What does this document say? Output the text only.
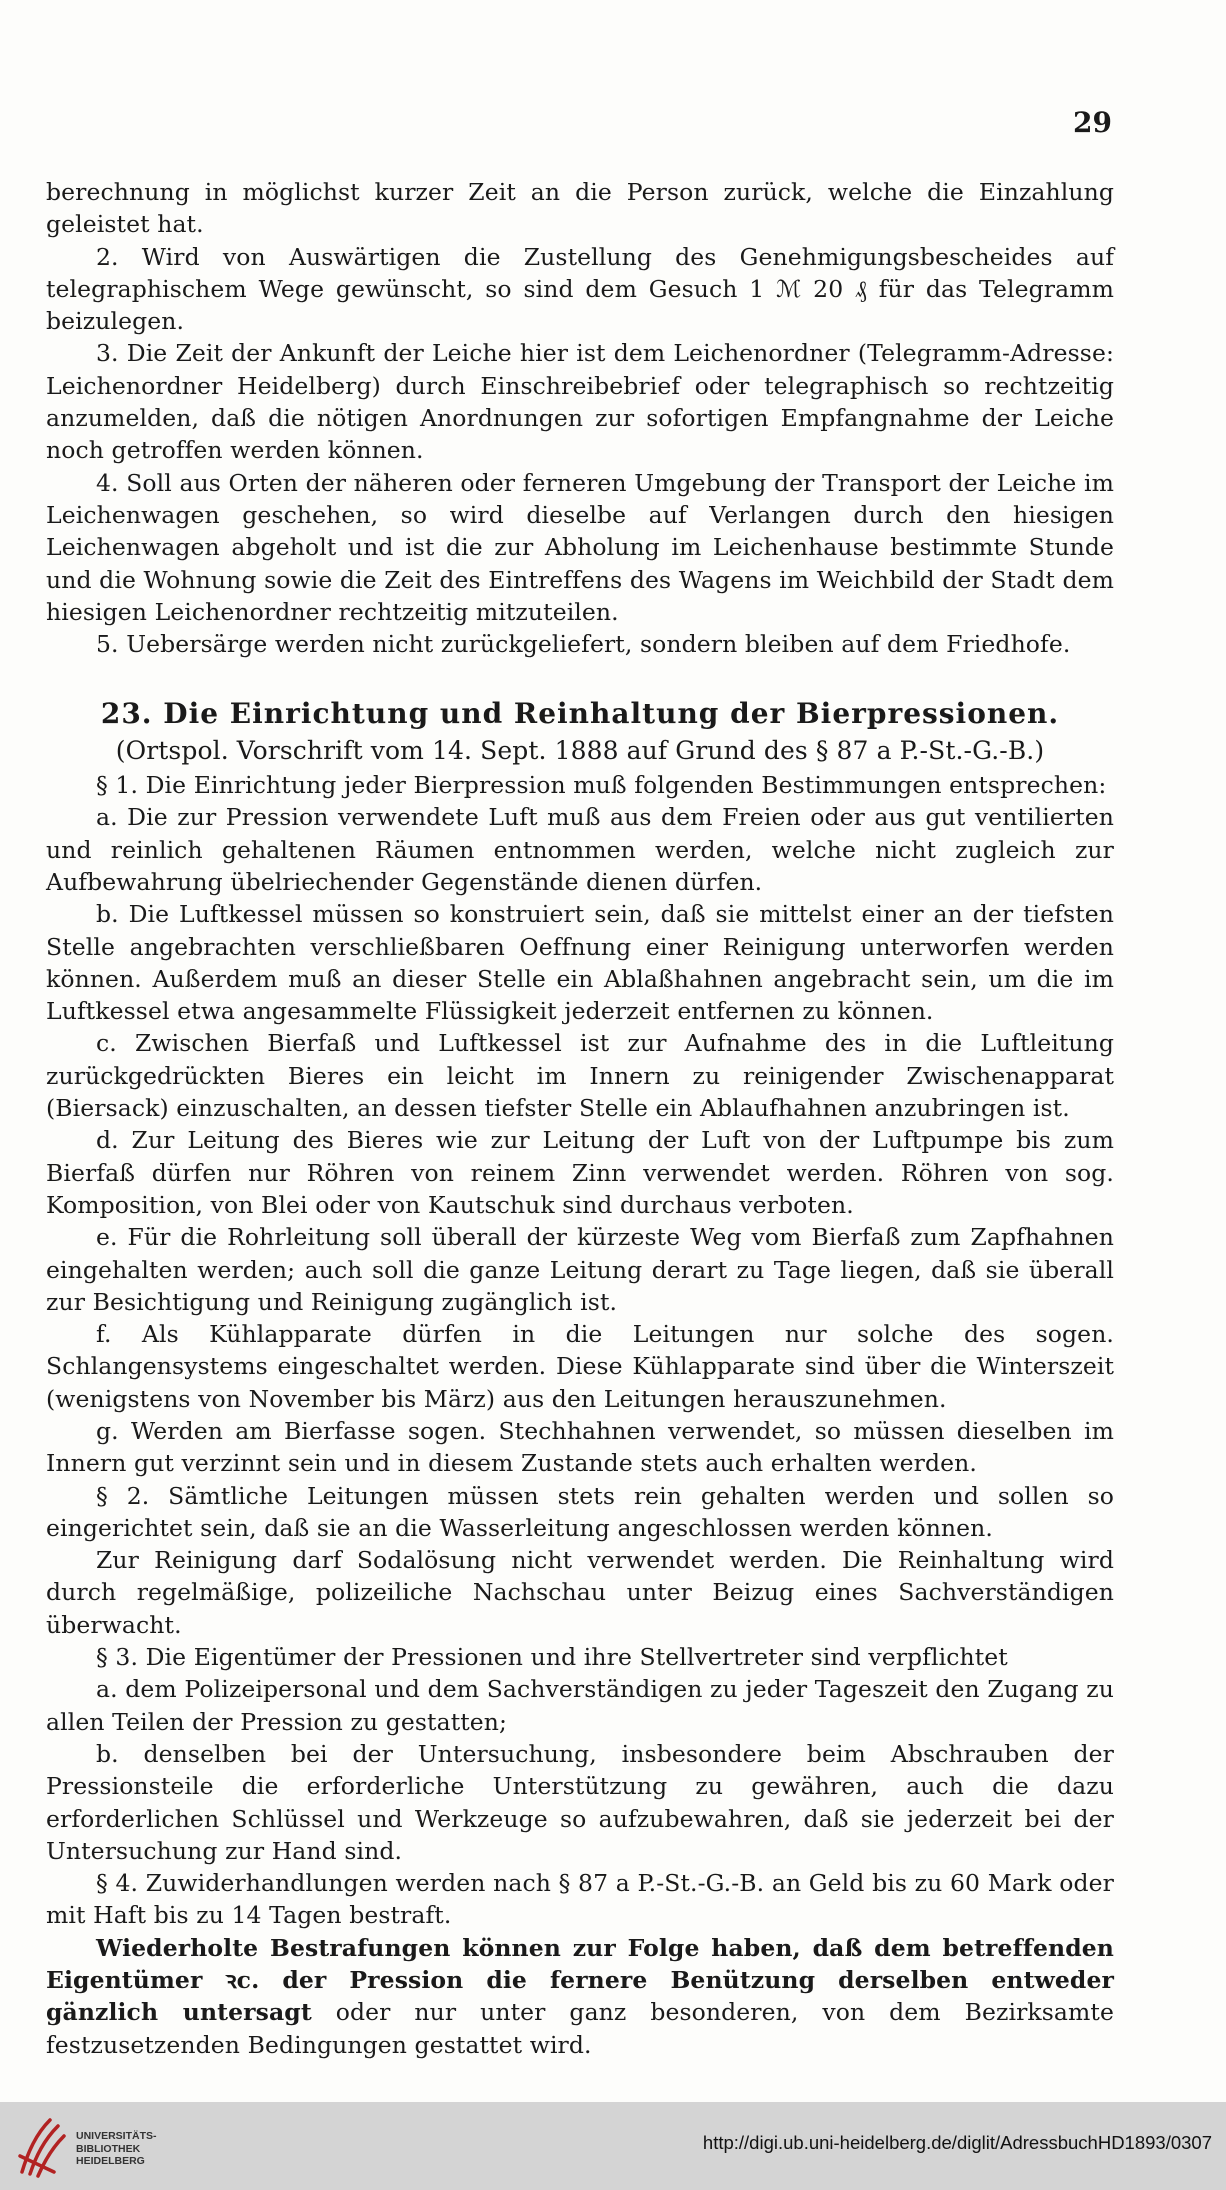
29

berechnung in möglichst kurzer Zeit an die Person zurück, welche die Einzahlung geleistet hat.

2. Wird von Auswärtigen die Zustellung des Genehmigungsbescheides auf telegraphischem Wege gewünscht, so sind dem Gesuch 1 ℳ 20 ₰ für das Telegramm beizulegen.

3. Die Zeit der Ankunft der Leiche hier ist dem Leichenordner (Telegramm-Adresse: Leichenordner Heidelberg) durch Einschreibebrief oder telegraphisch so rechtzeitig anzumelden, daß die nötigen Anordnungen zur sofortigen Empfangnahme der Leiche noch getroffen werden können.

4. Soll aus Orten der näheren oder ferneren Umgebung der Transport der Leiche im Leichenwagen geschehen, so wird dieselbe auf Verlangen durch den hiesigen Leichenwagen abgeholt und ist die zur Abholung im Leichenhause bestimmte Stunde und die Wohnung sowie die Zeit des Eintreffens des Wagens im Weichbild der Stadt dem hiesigen Leichenordner rechtzeitig mitzuteilen.

5. Uebersärge werden nicht zurückgeliefert, sondern bleiben auf dem Friedhofe.

23. Die Einrichtung und Reinhaltung der Bierpressionen.

(Ortspol. Vorschrift vom 14. Sept. 1888 auf Grund des § 87 a P.-St.-G.-B.)

§ 1. Die Einrichtung jeder Bierpression muß folgenden Bestimmungen entsprechen:

a. Die zur Pression verwendete Luft muß aus dem Freien oder aus gut ventilierten und reinlich gehaltenen Räumen entnommen werden, welche nicht zugleich zur Aufbewahrung übelriechender Gegenstände dienen dürfen.

b. Die Luftkessel müssen so konstruiert sein, daß sie mittelst einer an der tiefsten Stelle angebrachten verschließbaren Oeffnung einer Reinigung unterworfen werden können. Außerdem muß an dieser Stelle ein Ablaßhahnen angebracht sein, um die im Luftkessel etwa angesammelte Flüssigkeit jederzeit entfernen zu können.

c. Zwischen Bierfaß und Luftkessel ist zur Aufnahme des in die Luftleitung zurückgedrückten Bieres ein leicht im Innern zu reinigender Zwischenapparat (Biersack) einzuschalten, an dessen tiefster Stelle ein Ablaufhahnen anzubringen ist.

d. Zur Leitung des Bieres wie zur Leitung der Luft von der Luftpumpe bis zum Bierfaß dürfen nur Röhren von reinem Zinn verwendet werden. Röhren von sog. Komposition, von Blei oder von Kautschuk sind durchaus verboten.

e. Für die Rohrleitung soll überall der kürzeste Weg vom Bierfaß zum Zapfhahnen eingehalten werden; auch soll die ganze Leitung derart zu Tage liegen, daß sie überall zur Besichtigung und Reinigung zugänglich ist.

f. Als Kühlapparate dürfen in die Leitungen nur solche des sogen. Schlangensystems eingeschaltet werden. Diese Kühlapparate sind über die Winterszeit (wenigstens von November bis März) aus den Leitungen herauszunehmen.

g. Werden am Bierfasse sogen. Stechhahnen verwendet, so müssen dieselben im Innern gut verzinnt sein und in diesem Zustande stets auch erhalten werden.

§ 2. Sämtliche Leitungen müssen stets rein gehalten werden und sollen so eingerichtet sein, daß sie an die Wasserleitung angeschlossen werden können.

Zur Reinigung darf Sodalösung nicht verwendet werden. Die Reinhaltung wird durch regelmäßige, polizeiliche Nachschau unter Beizug eines Sachverständigen überwacht.

§ 3. Die Eigentümer der Pressionen und ihre Stellvertreter sind verpflichtet

a. dem Polizeipersonal und dem Sachverständigen zu jeder Tageszeit den Zugang zu allen Teilen der Pression zu gestatten;

b. denselben bei der Untersuchung, insbesondere beim Abschrauben der Pressionsteile die erforderliche Unterstützung zu gewähren, auch die dazu erforderlichen Schlüssel und Werkzeuge so aufzubewahren, daß sie jederzeit bei der Untersuchung zur Hand sind.

§ 4. Zuwiderhandlungen werden nach § 87 a P.-St.-G.-B. an Geld bis zu 60 Mark oder mit Haft bis zu 14 Tagen bestraft.

Wiederholte Bestrafungen können zur Folge haben, daß dem betreffenden Eigentümer ꝛc. der Pression die fernere Benützung derselben entweder gänzlich untersagt oder nur unter ganz besonderen, von dem Bezirksamte festzusetzenden Bedingungen gestattet wird.

UNIVERSITÄTS-
BIBLIOTHEK
HEIDELBERG
http://digi.ub.uni-heidelberg.de/diglit/AdressbuchHD1893/0307
